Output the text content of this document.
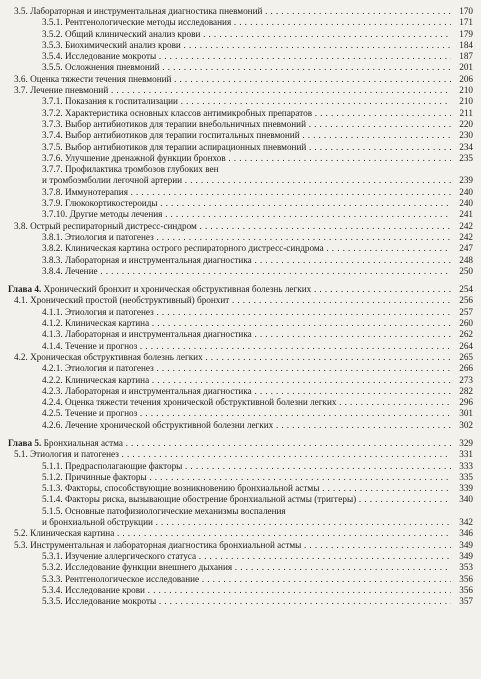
3.5. Лабораторная и инструментальная диагностика пневмоний . . .	170
3.5.1. Рентгенологические методы исследования . . .	171
3.5.2. Общий клинический анализ крови . . .	179
3.5.3. Биохимический анализ крови . . .	184
3.5.4. Исследование мокроты . . .	187
3.5.5. Осложнения пневмоний . . .	201
3.6. Оценка тяжести течения пневмоний . . .	206
3.7. Лечение пневмоний . . .	210
3.7.1. Показания к госпитализации . . .	210
3.7.2. Характеристика основных классов антимикробных препаратов . . .	211
3.7.3. Выбор антибиотиков для терапии внебольничных пневмоний . . .	220
3.7.4. Выбор антибиотиков для терапии госпитальных пневмоний . . .	230
3.7.5. Выбор антибиотиков для терапии аспирационных пневмоний . . .	234
3.7.6. Улучшение дренажной функции бронхов . . .	235
3.7.7. Профилактика тромбозов глубоких вен
и тромбоэмболии легочной артерии . . .	239
3.7.8. Иммунотерапия . . .	240
3.7.9. Глюкокортикостероиды . . .	240
3.7.10. Другие методы лечения . . .	241
3.8. Острый респираторный дистресс-синдром . . .	242
3.8.1. Этиология и патогенез . . .	242
3.8.2. Клиническая картина острого респираторного дистресс-синдрома . . .	247
3.8.3. Лабораторная и инструментальная диагностика . . .	248
3.8.4. Лечение . . .	250
Глава 4. Хронический бронхит и хроническая обструктивная болезнь легких . . .	254
4.1. Хронический простой (необструктивный) бронхит . . .	256
4.1.1. Этиология и патогенез . . .	257
4.1.2. Клиническая картина . . .	260
4.1.3. Лабораторная и инструментальная диагностика . . .	262
4.1.4. Течение и прогноз . . .	264
4.2. Хроническая обструктивная болезнь легких . . .	265
4.2.1. Этиология и патогенез . . .	266
4.2.2. Клиническая картина . . .	273
4.2.3. Лабораторная и инструментальная диагностика . . .	282
4.2.4. Оценка тяжести течения хронической обструктивной болезни легких . . .	296
4.2.5. Течение и прогноз . . .	301
4.2.6. Лечение хронической обструктивной болезни легких . . .	302
Глава 5. Бронхиальная астма . . .	329
5.1. Этиология и патогенез . . .	331
5.1.1. Предрасполагающие факторы . . .	333
5.1.2. Причинные факторы . . .	335
5.1.3. Факторы, способствующие возникновению бронхиальной астмы . . .	339
5.1.4. Факторы риска, вызывающие обострение бронхиальной астмы (триггеры) . . .	340
5.1.5. Основные патофизиологические механизмы воспаления
и бронхиальной обструкции . . .	342
5.2. Клиническая картина . . .	346
5.3. Инструментальная и лабораторная диагностика бронхиальной астмы . . .	349
5.3.1. Изучение аллергического статуса . . .	349
5.3.2. Исследование функции внешнего дыхания . . .	353
5.3.3. Рентгенологическое исследование . . .	356
5.3.4. Исследование крови . . .	356
5.3.5. Исследование мокроты . . .	357
